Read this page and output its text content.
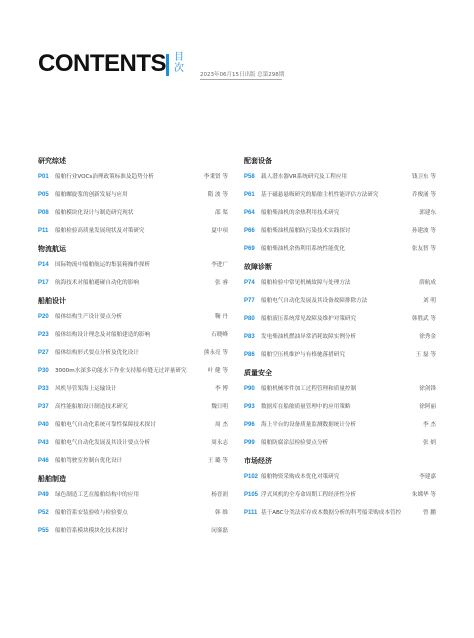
CONTENTS 目次
2023年06月15日出版 总第298期
研究综述
P01 船舶行业VOCs治理政策标准及趋势分析	李秉贤 等
P05 船舶螺旋浆的创新发展与应用	隋 波 等
P08 船舶模块化设计与制造研究现状	邵 渠
P11 船舶检验高质量发展现状及对策研究	夏中项
物流航运
P14 国际物流中船舶航运的集装箱操作探析	李进广
P17 航海技术对船舶避碰自动化的影响	张 睿
船舶设计
P20 船体结构生产设计要点分析	鞠 丹
P23 船体结构设计理念及对船舶建造的影响	石晓峰
P27 船体结构形式要点分析及优化设计	熊永亮 等
P30 3000m水深多功能水下作业支持船有缝无过评量研究	叶 健 等
P33 风机导管架海上运输设计	李 博
P37 高性能船舶设计制造技术研究	魏日明
P40 船舶电气自动化系统可靠性保障技术探讨	周 杰
P43 船舶电气自动化发展及其设计要点分析	周永志
P46 船舶驾驶室控制台优化设计	王 璐 等
船舶制造
P49 绿色制造工艺在船舶结构中的应用	杨晋润
P52 船舶管系安装验收与检验要点	韩 维
P55 船舶管系模块模块化技术探讨	闵銮磊
配套设备
P58 载人潜水器VR系统研究及工程应用	钱卫东 等
P61 基于磁悬悬吸研究的船舶主机性能评估方法研究	乔俊涌 等
P64 船舶柴油机的余热利用技术研究	郭建东
P66 船舶柴油机船舶防污染技术实践探讨	孙建波 等
P69 船舶柴油机余热利用系统性能优化	张友智 等
故障诊断
P74 船舶检验中常见机械故障与处理方法	薛航成
P77 船舶电气自动化发展及其设备故障排除方法	刘 明
P80 船舶液压系统常见故障及维护对策研究	韩胜武 等
P83 发电柴油机燃油异常消耗故障实例分析	徐秀金
P86 船舶空压机维护与有格驰落措研究	王 磊 等
质量安全
P90 船舶机械零件加工过程管理和质量控制	徐剑锋
P93 数据库在船舶质量管理中的应用策略	徐阿丽
P96 海上平台的设备质量监测数据统计分析	李 杰
P99 船舶防腐涂层检验要点分析	张 炳
市场经济
P102 船舶物资采购成本优化对策研究	李建嘉
P105 浮式风机的全寿命周期工程经济性分析	朱嫦华 等
P111 基于ABC分类法库存成本数据分析的科考船采购成本管控	曾 鹏
